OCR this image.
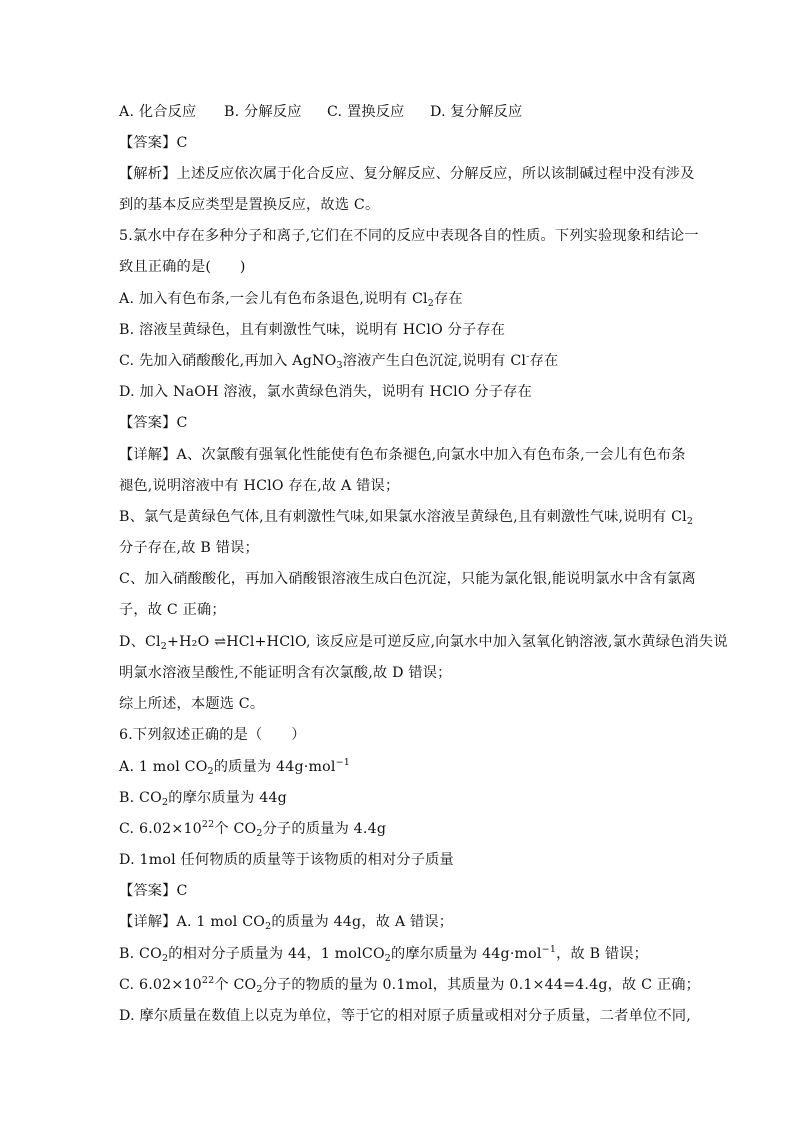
A. 化合反应 B. 分解反应 C. 置换反应 D. 复分解反应
【答案】C
【解析】上述反应依次属于化合反应、复分解反应、分解反应，所以该制碱过程中没有涉及
到的基本反应类型是置换反应，故选 C。
5.氯水中存在多种分子和离子,它们在不同的反应中表现各自的性质。下列实验现象和结论一
致且正确的是(　　)
A. 加入有色布条,一会儿有色布条退色,说明有 $Cl_2$存在
B. 溶液呈黄绿色，且有刺激性气味，说明有 HClO 分子存在
C. 先加入硝酸酸化,再加入 AgNO$_3$溶液产生白色沉淀,说明有 Cl-存在
D. 加入 NaOH 溶液，氯水黄绿色消失，说明有 HClO 分子存在
【答案】C
【详解】A、次氯酸有强氧化性能使有色布条褪色,向氯水中加入有色布条,一会儿有色布条
褪色,说明溶液中有 HClO 存在,故 A 错误；
B、氯气是黄绿色气体,且有刺激性气味,如果氯水溶液呈黄绿色,且有刺激性气味,说明有 $Cl_2$
分子存在,故 B 错误；
C、加入硝酸酸化，再加入硝酸银溶液生成白色沉淀，只能为氯化银,能说明氯水中含有氯离
子，故 C 正确；
D、$Cl_2+H_2O$ ⇌HCl+HClO, 该反应是可逆反应,向氯水中加入氢氧化钠溶液,氯水黄绿色消失说
明氯水溶液呈酸性,不能证明含有次氯酸,故 D 错误；
综上所述，本题选 C。
6.下列叙述正确的是（　　）
A. 1 mol $CO_2$的质量为 44g·mol$^{-1}$
B. $CO_2$的摩尔质量为 44g
C. $6.02\times 10^{22}$个 $CO_2$分子的质量为 4.4g
D. 1mol 任何物质的质量等于该物质的相对分子质量
【答案】C
【详解】A. 1 mol $CO_2$的质量为 44g，故 A 错误；
B. $CO_2$的相对分子质量为 44，1 molCO$_2$的摩尔质量为 44g·mol$^{-1}$，故 B 错误；
C. $6.02\times 10^{22}$个 $CO_2$分子的物质的量为 0.1mol，其质量为 0.1×44=4.4g，故 C 正确；
D. 摩尔质量在数值上以克为单位，等于它的相对原子质量或相对分子质量，二者单位不同,
